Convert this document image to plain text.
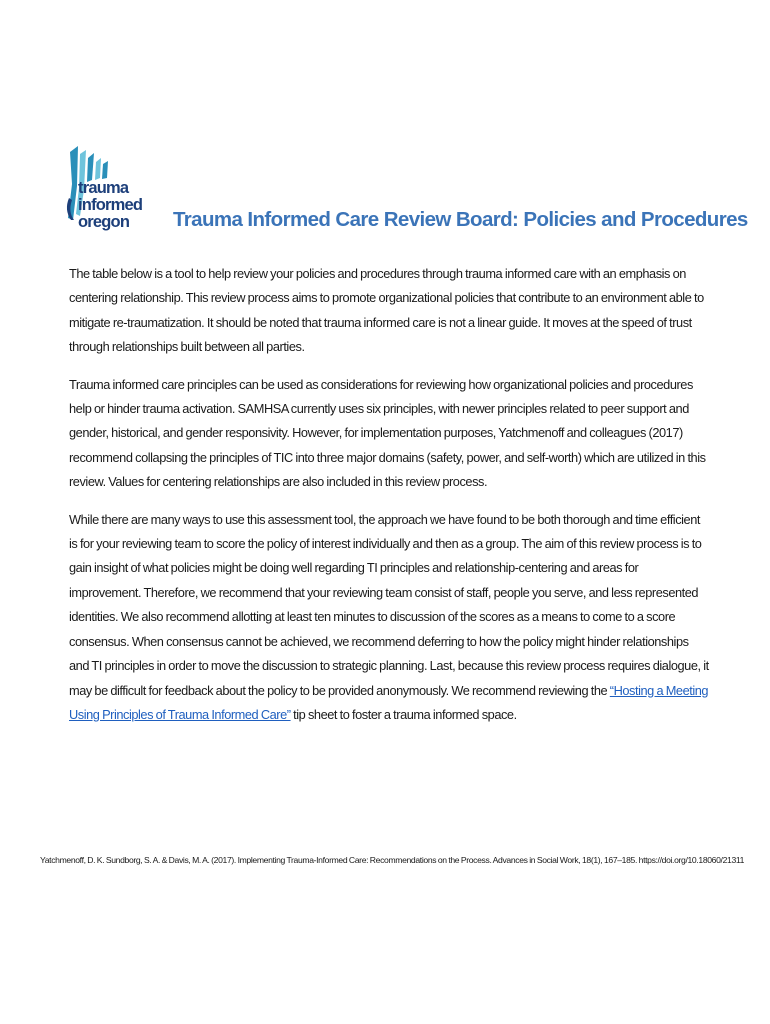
trauma
informed
oregon	Trauma Informed Care Review Board: Policies and Procedures

The table below is a tool to help review your policies and procedures through trauma informed care with an emphasis on centering relationship. This review process aims to promote organizational policies that contribute to an environment able to mitigate re-traumatization. It should be noted that trauma informed care is not a linear guide. It moves at the speed of trust through relationships built between all parties.

Trauma informed care principles can be used as considerations for reviewing how organizational policies and procedures help or hinder trauma activation. SAMHSA currently uses six principles, with newer principles related to peer support and gender, historical, and gender responsivity. However, for implementation purposes, Yatchmenoff and colleagues (2017) recommend collapsing the principles of TIC into three major domains (safety, power, and self-worth) which are utilized in this review. Values for centering relationships are also included in this review process.

While there are many ways to use this assessment tool, the approach we have found to be both thorough and time efficient is for your reviewing team to score the policy of interest individually and then as a group. The aim of this review process is to gain insight of what policies might be doing well regarding TI principles and relationship-centering and areas for improvement. Therefore, we recommend that your reviewing team consist of staff, people you serve, and less represented identities. We also recommend allotting at least ten minutes to discussion of the scores as a means to come to a score consensus. When consensus cannot be achieved, we recommend deferring to how the policy might hinder relationships and TI principles in order to move the discussion to strategic planning. Last, because this review process requires dialogue, it may be difficult for feedback about the policy to be provided anonymously. We recommend reviewing the “Hosting a Meeting Using Principles of Trauma Informed Care” tip sheet to foster a trauma informed space.

Yatchmenoff, D. K. Sundborg, S. A. & Davis, M. A. (2017). Implementing Trauma-Informed Care: Recommendations on the Process. Advances in Social Work, 18(1), 167–185. https://doi.org/10.18060/21311
